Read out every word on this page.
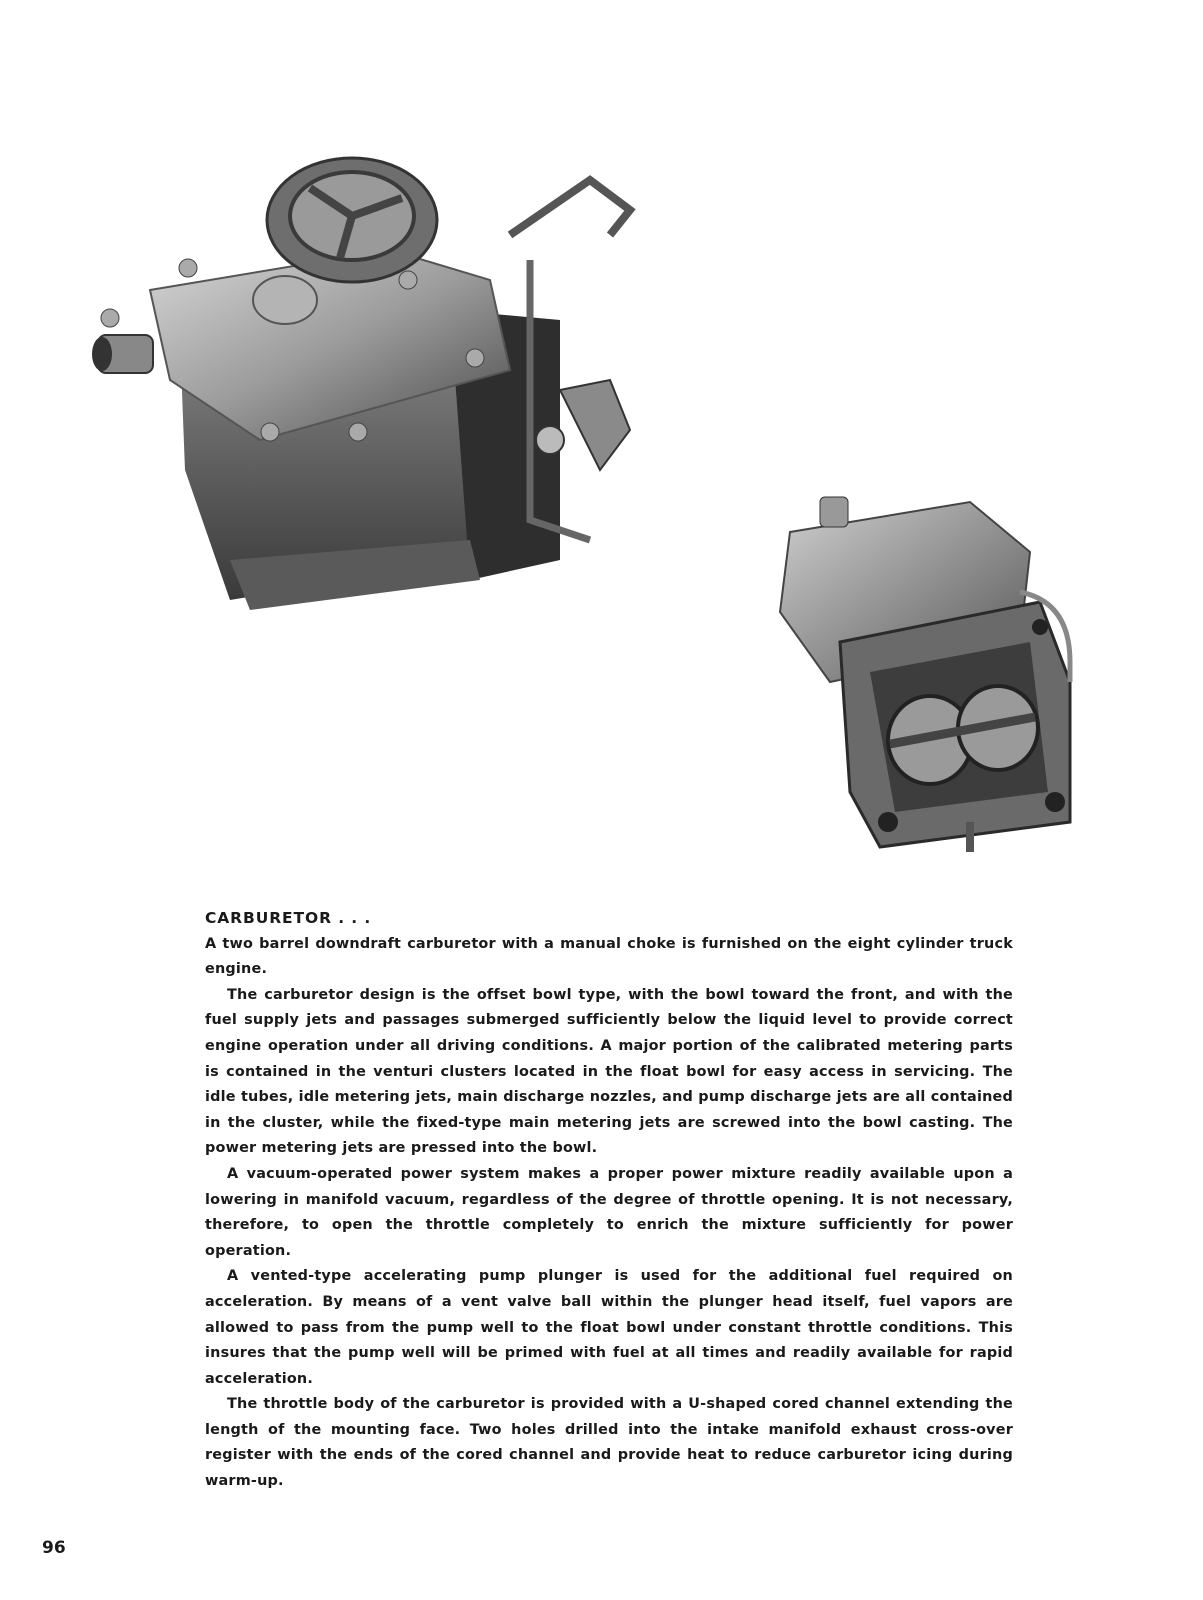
CARBURETOR . . .

A two barrel downdraft carburetor with a manual choke is furnished on the eight cylinder truck engine.

The carburetor design is the offset bowl type, with the bowl toward the front, and with the fuel supply jets and passages submerged sufficiently below the liquid level to provide correct engine operation under all driving conditions. A major portion of the calibrated metering parts is contained in the venturi clusters located in the float bowl for easy access in servicing. The idle tubes, idle metering jets, main discharge nozzles, and pump discharge jets are all contained in the cluster, while the fixed-type main metering jets are screwed into the bowl casting. The power metering jets are pressed into the bowl.

A vacuum-operated power system makes a proper power mixture readily available upon a lowering in manifold vacuum, regardless of the degree of throttle opening. It is not necessary, therefore, to open the throttle completely to enrich the mixture sufficiently for power operation.

A vented-type accelerating pump plunger is used for the additional fuel required on acceleration. By means of a vent valve ball within the plunger head itself, fuel vapors are allowed to pass from the pump well to the float bowl under constant throttle conditions. This insures that the pump well will be primed with fuel at all times and readily available for rapid acceleration.

The throttle body of the carburetor is provided with a U-shaped cored channel extending the length of the mounting face. Two holes drilled into the intake manifold exhaust cross-over register with the ends of the cored channel and provide heat to reduce carburetor icing during warm-up.

96
